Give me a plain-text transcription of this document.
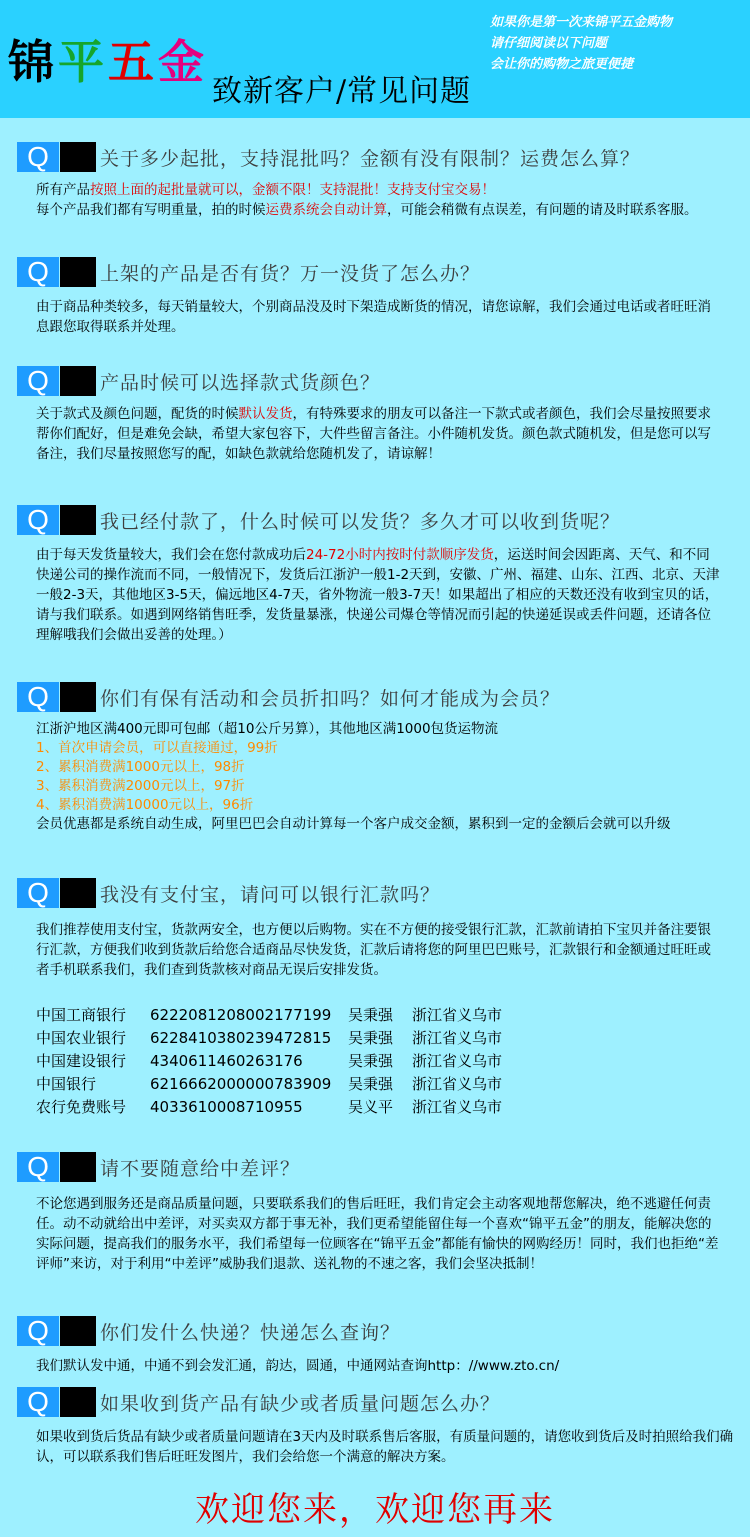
锦平五金
致新客户/常见问题
如果你是第一次来锦平五金购物
请仔细阅读以下问题
会让你的购物之旅更便捷
Q	关于多少起批，支持混批吗？金额有没有限制？运费怎么算？

所有产品按照上面的起批量就可以，金额不限！支持混批！支持支付宝交易！

每个产品我们都有写明重量，拍的时候运费系统会自动计算，可能会稍微有点误差，有问题的请及时联系客服。

Q	上架的产品是否有货？万一没货了怎么办？

由于商品种类较多，每天销量较大，个别商品没及时下架造成断货的情况，请您谅解，我们会通过电话或者旺旺消息跟您取得联系并处理。

Q	产品时候可以选择款式货颜色？

关于款式及颜色问题，配货的时候默认发货，有特殊要求的朋友可以备注一下款式或者颜色，我们会尽量按照要求帮你们配好，但是难免会缺，希望大家包容下，大件些留言备注。小件随机发货。颜色款式随机发，但是您可以写备注，我们尽量按照您写的配，如缺色款就给您随机发了，请谅解！

Q	我已经付款了，什么时候可以发货？多久才可以收到货呢？

由于每天发货量较大，我们会在您付款成功后24-72小时内按时付款顺序发货，运送时间会因距离、天气、和不同快递公司的操作流而不同，一般情况下，发货后江浙沪一般1-2天到，安徽、广州、福建、山东、江西、北京、天津一般2-3天，其他地区3-5天，偏远地区4-7天，省外物流一般3-7天！如果超出了相应的天数还没有收到宝贝的话，请与我们联系。如遇到网络销售旺季，发货量暴涨，快递公司爆仓等情况而引起的快递延误或丢件问题，还请各位理解哦我们会做出妥善的处理。）

Q	你们有保有活动和会员折扣吗？如何才能成为会员？

江浙沪地区满400元即可包邮（超10公斤另算），其他地区满1000包货运物流

1、首次申请会员，可以直接通过，99折

2、累积消费满1000元以上，98折

3、累积消费满2000元以上，97折

4、累积消费满10000元以上，96折

会员优惠都是系统自动生成，阿里巴巴会自动计算每一个客户成交金额，累积到一定的金额后会就可以升级

Q	我没有支付宝，请问可以银行汇款吗？

我们推荐使用支付宝，货款两安全，也方便以后购物。实在不方便的接受银行汇款，汇款前请拍下宝贝并备注要银行汇款，方便我们收到货款后给您合适商品尽快发货，汇款后请将您的阿里巴巴账号，汇款银行和金额通过旺旺或者手机联系我们，我们查到货款核对商品无误后安排发货。

中国工商银行	6222081208002177199	吴秉强	浙江省义乌市
中国农业银行	6228410380239472815	吴秉强	浙江省义乌市
中国建设银行	4340611460263176	吴秉强	浙江省义乌市
中国银行	6216662000000783909	吴秉强	浙江省义乌市
农行免费账号	4033610008710955	吴义平	浙江省义乌市
Q	请不要随意给中差评？

不论您遇到服务还是商品质量问题，只要联系我们的售后旺旺，我们肯定会主动客观地帮您解决，绝不逃避任何责任。动不动就给出中差评，对买卖双方都于事无补，我们更希望能留住每一个喜欢“锦平五金”的朋友，能解决您的实际问题，提高我们的服务水平，我们希望每一位顾客在“锦平五金”都能有愉快的网购经历！同时，我们也拒绝“差评师”来访，对于利用“中差评”威胁我们退款、送礼物的不速之客，我们会坚决抵制！

Q	你们发什么快递？快递怎么查询？

我们默认发中通，中通不到会发汇通，韵达，圆通，中通网站查询http：//www.zto.cn/

Q	如果收到货产品有缺少或者质量问题怎么办？

如果收到货后货品有缺少或者质量问题请在3天内及时联系售后客服，有质量问题的，请您收到货后及时拍照给我们确认，可以联系我们售后旺旺发图片，我们会给您一个满意的解决方案。

欢迎您来，欢迎您再来
